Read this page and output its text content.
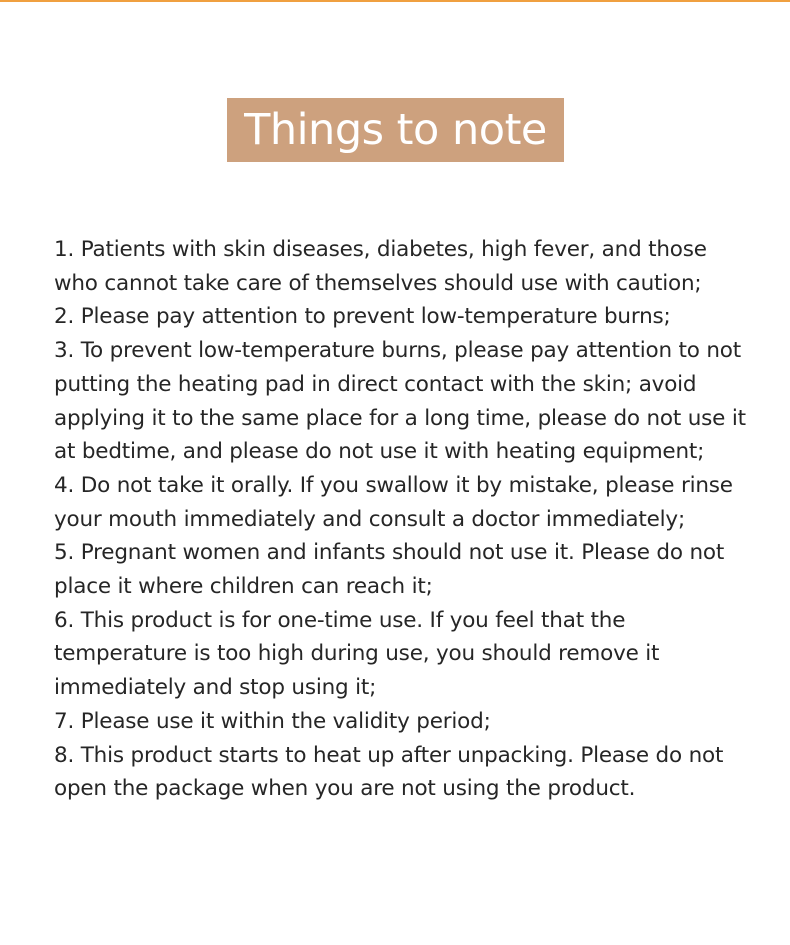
Things to note

1. Patients with skin diseases, diabetes, high fever, and those who cannot take care of themselves should use with caution;

2. Please pay attention to prevent low-temperature burns;

3. To prevent low-temperature burns, please pay attention to not putting the heating pad in direct contact with the skin; avoid applying it to the same place for a long time, please do not use it at bedtime, and please do not use it with heating equipment;

4. Do not take it orally. If you swallow it by mistake, please rinse your mouth immediately and consult a doctor immediately;

5. Pregnant women and infants should not use it. Please do not place it where children can reach it;

6. This product is for one-time use. If you feel that the temperature is too high during use, you should remove it immediately and stop using it;

7. Please use it within the validity period;

8. This product starts to heat up after unpacking. Please do not open the package when you are not using the product.
